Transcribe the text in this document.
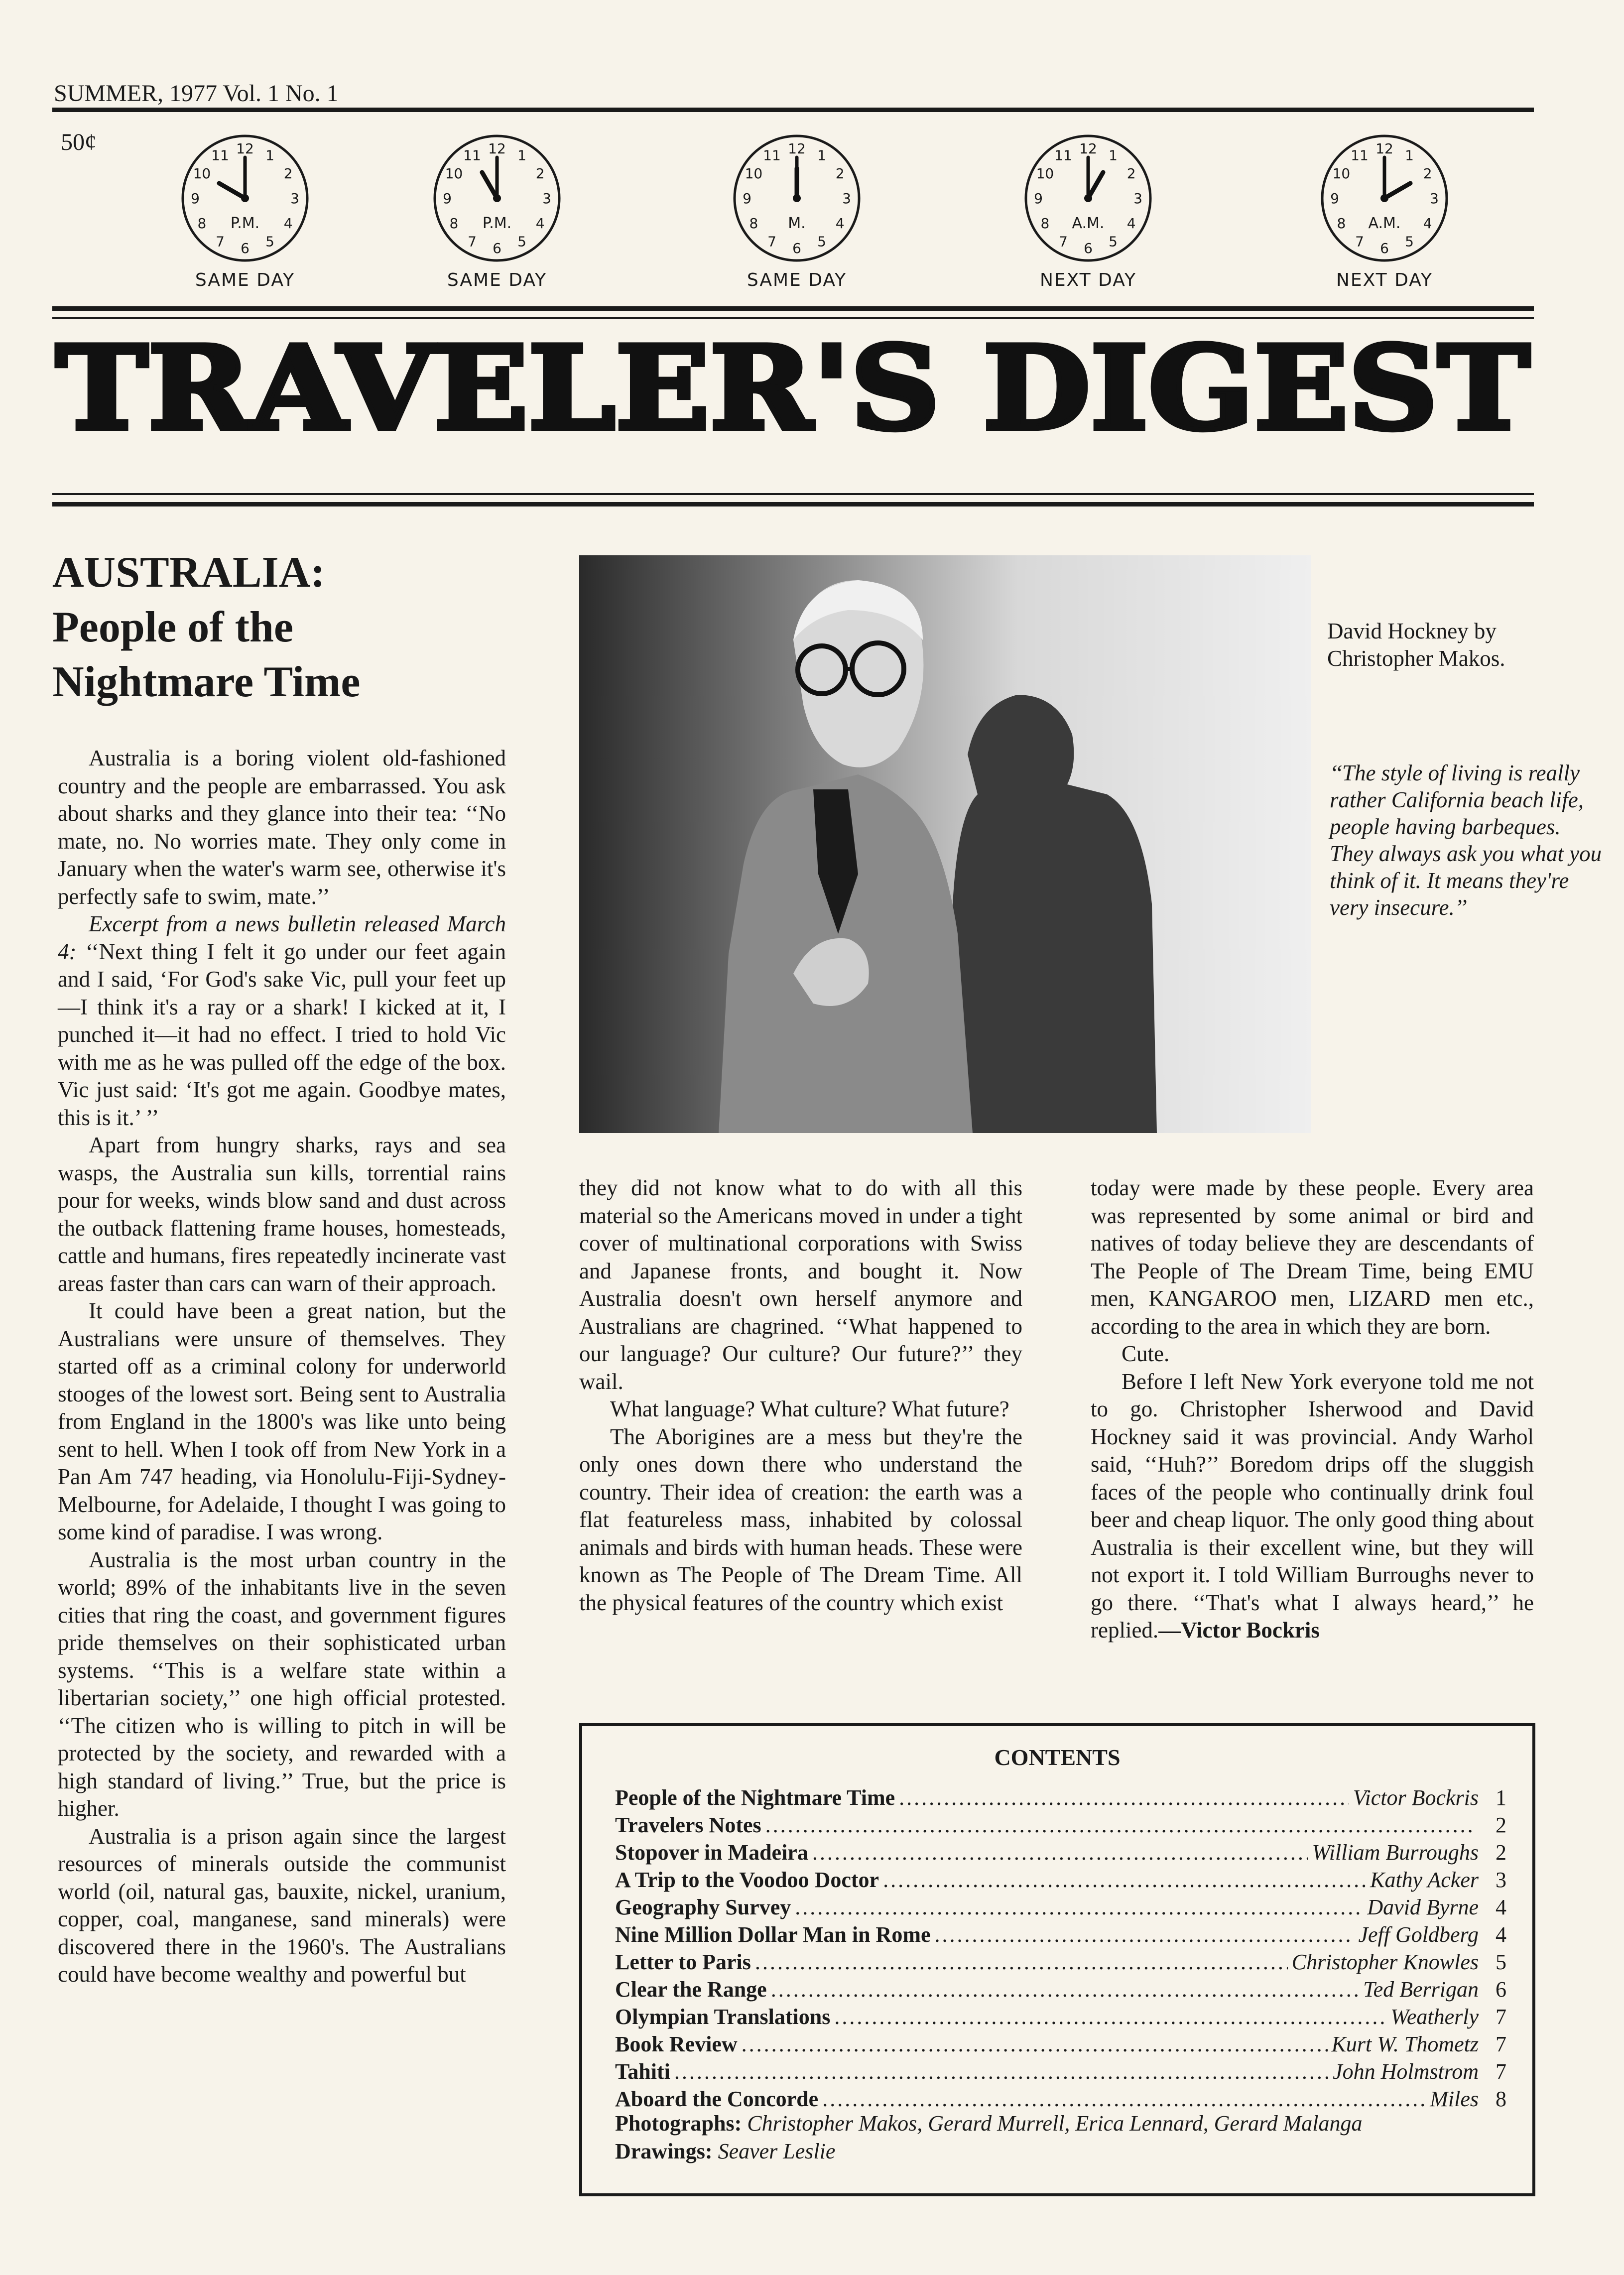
SUMMER, 1977 Vol. 1 No. 1
50¢	1
2
3
4
5
6
7
8
9
10
11 12
P.M.
SAME DAY
1
2
3
4
5
6
7
8
9
10
11 12
P.M.
SAME DAY
1
2
3
4
5
6
7
8
9
10
11 12
M.
SAME DAY
1
2
3
4
5
6
7
8
9
10
11 12
A.M.
NEXT DAY
1
2
3
4
5
6
7
8
9
10
11 12
A.M.
NEXT DAY
TRAVELER'S DIGEST
AUSTRALIA:
People of the
Nightmare Time

Australia is a boring violent old-fashioned country and the people are embarrassed. You ask about sharks and they glance into their tea: ‘‘No mate, no. No worries mate. They only come in January when the water's warm see, otherwise it's perfectly safe to swim, mate.’’

Excerpt from a news bulletin released March 4: ‘‘Next thing I felt it go under our feet again and I said, ‘For God's sake Vic, pull your feet up—I think it's a ray or a shark! I kicked at it, I punched it—it had no effect. I tried to hold Vic with me as he was pulled off the edge of the box. Vic just said: ‘It's got me again. Goodbye mates, this is it.’ ’’

Apart from hungry sharks, rays and sea wasps, the Australia sun kills, torrential rains pour for weeks, winds blow sand and dust across the outback flattening frame houses, homesteads, cattle and humans, fires repeatedly incinerate vast areas faster than cars can warn of their approach.

It could have been a great nation, but the Australians were unsure of themselves. They started off as a criminal colony for underworld stooges of the lowest sort. Being sent to Australia from England in the 1800's was like unto being sent to hell. When I took off from New York in a Pan Am 747 heading, via Honolulu-Fiji-Sydney-Melbourne, for Adelaide, I thought I was going to some kind of paradise. I was wrong.

Australia is the most urban country in the world; 89% of the inhabitants live in the seven cities that ring the coast, and government figures pride themselves on their sophisticated urban systems. ‘‘This is a welfare state within a libertarian society,’’ one high official protested. ‘‘The citizen who is willing to pitch in will be protected by the society, and rewarded with a high standard of living.’’ True, but the price is higher.

Australia is a prison again since the largest resources of minerals outside the communist world (oil, natural gas, bauxite, nickel, uranium, copper, coal, manganese, sand minerals) were discovered there in the 1960's. The Australians could have become wealthy and powerful but

David Hockney by Christopher Makos.
‘‘The style of living is really rather California beach life, people having barbeques. They always ask you what you think of it. It means they're very insecure.’’

they did not know what to do with all this material so the Americans moved in under a tight cover of multinational corporations with Swiss and Japanese fronts, and bought it. Now Australia doesn't own herself anymore and Australians are chagrined. ‘‘What happened to our language? Our culture? Our future?’’ they wail.

What language? What culture? What future?

The Aborigines are a mess but they're the only ones down there who understand the country. Their idea of creation: the earth was a flat featureless mass, inhabited by colossal animals and birds with human heads. These were known as The People of The Dream Time. All the physical features of the country which exist

today were made by these people. Every area was represented by some animal or bird and natives of today believe they are descendants of The People of The Dream Time, being EMU men, KANGAROO men, LIZARD men etc., according to the area in which they are born.

Cute.

Before I left New York everyone told me not to go. Christopher Isherwood and David Hockney said it was provincial. Andy Warhol said, ‘‘Huh?’’ Boredom drips off the sluggish faces of the people who continually drink foul beer and cheap liquor. The only good thing about Australia is their excellent wine, but they will not export it. I told William Burroughs never to go there. ‘‘That's what I always heard,’’ he replied.—Victor Bockris

CONTENTS
People of the Nightmare Time .....	Victor Bockris 1
Travelers Notes .....	2
Stopover in Madeira .....	William Burroughs 2
A Trip to the Voodoo Doctor .....	Kathy Acker 3
Geography Survey .....	David Byrne 4
Nine Million Dollar Man in Rome .....	Jeff Goldberg 4
Letter to Paris .....	Christopher Knowles 5
Clear the Range .....	Ted Berrigan 6
Olympian Translations .....	Weatherly 7
Book Review .....	Kurt W. Thometz 7
Tahiti .....	John Holmstrom 7
Aboard the Concorde .....	Miles 8
Photographs: Christopher Makos, Gerard Murrell, Erica Lennard, Gerard Malanga
Drawings: Seaver Leslie
